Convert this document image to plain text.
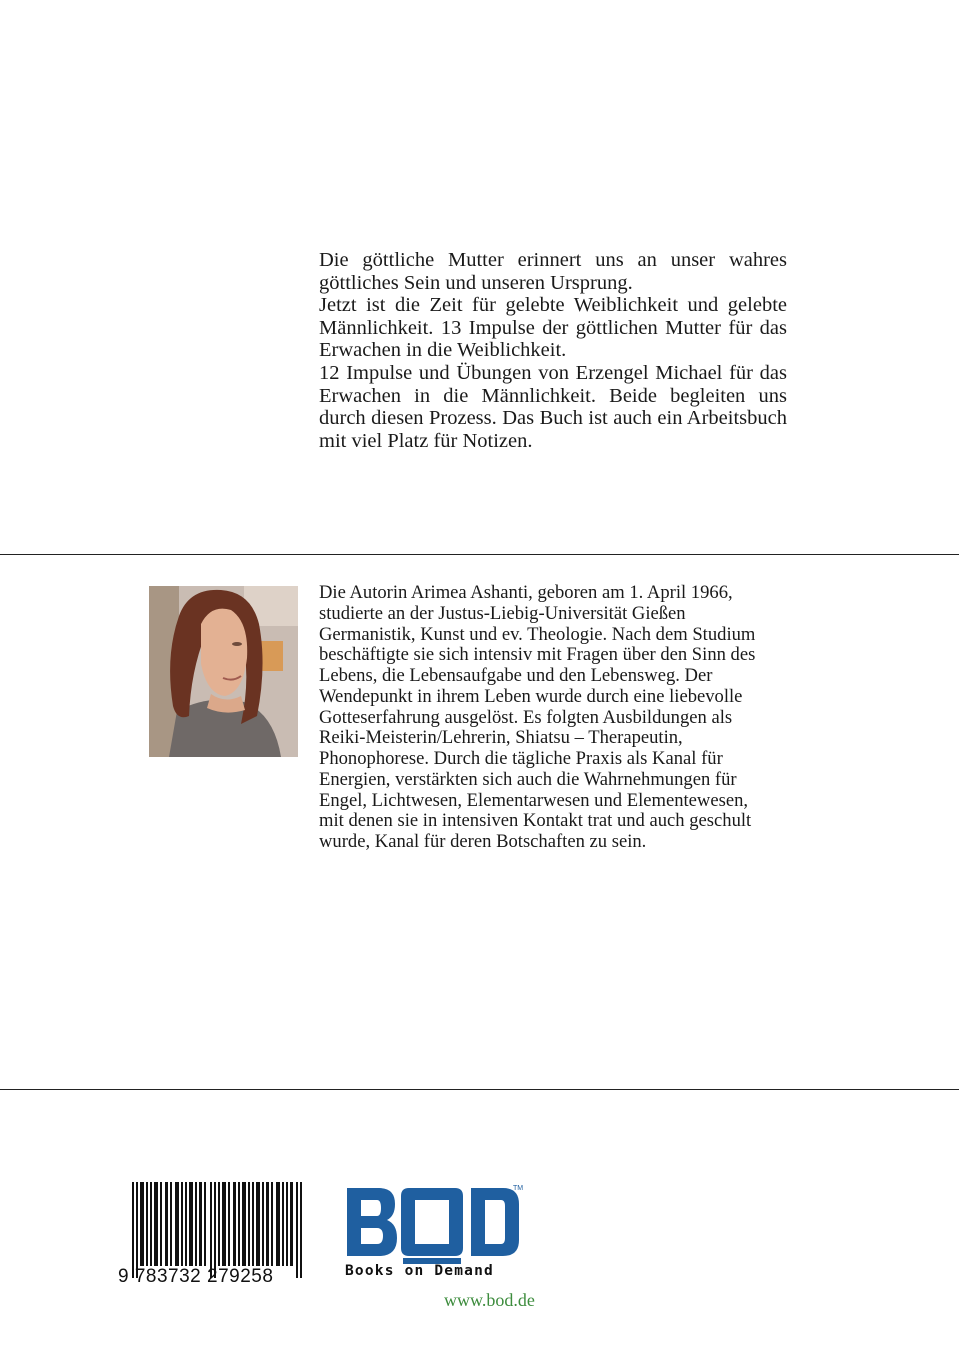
Die göttliche Mutter erinnert uns an unser wahres göttliches Sein und unseren Ursprung.

Jetzt ist die Zeit für gelebte Weiblichkeit und gelebte Männlichkeit. 13 Impulse der göttlichen Mutter für das Erwachen in die Weiblichkeit.

12 Impulse und Übungen von Erzengel Michael für das Erwachen in die Männlichkeit. Beide begleiten uns durch diesen Prozess. Das Buch ist auch ein Arbeitsbuch mit viel Platz für Notizen.

Die Autorin Arimea Ashanti, geboren am 1. April 1966, studierte an der Justus-Liebig-Universität Gießen Germanistik, Kunst und ev. Theologie. Nach dem Studium beschäftigte sie sich intensiv mit Fragen über den Sinn des Lebens, die Lebensaufgabe und den Lebensweg. Der Wendepunkt in ihrem Leben wurde durch eine liebevolle Gotteserfahrung ausgelöst. Es folgten Ausbildungen als Reiki-Meisterin/Lehrerin, Shiatsu – Therapeutin, Phonophorese. Durch die tägliche Praxis als Kanal für Energien, verstärkten sich auch die Wahrnehmungen für Engel, Lichtwesen, Elementarwesen und Elementewesen, mit denen sie in intensiven Kontakt trat und auch geschult wurde, Kanal für deren Botschaften zu sein.

9 783732 279258
TM
Books on Demand
www.bod.de
